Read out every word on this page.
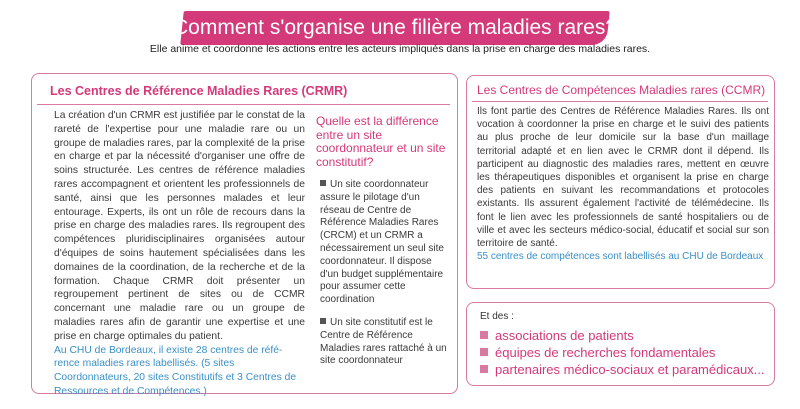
Comment s'organise une filière maladies rares?
Elle anime et coordonne les actions entre les acteurs impliqués dans la prise en charge des maladies rares.
Les Centres de Référence Maladies Rares (CRMR)
La création d'un CRMR est justifiée par le constat de la rareté de l'expertise pour une maladie rare ou un groupe de maladies rares, par la complexité de la prise en charge et par la nécessité d'organiser une offre de soins structurée. Les centres de référence maladies rares accompagnent et orientent les professionnels de santé, ainsi que les personnes malades et leur entourage. Experts, ils ont un rôle de recours dans la prise en charge des maladies rares. Ils regroupent des compétences pluridisciplinaires organisées autour d'équipes de soins hautement spécialisées dans les domaines de la coordination, de la recherche et de la formation. Chaque CRMR doit présenter un regroupement pertinent de sites ou de CCMR concernant une maladie rare ou un groupe de maladies rares afin de garantir une expertise et une prise en charge optimales du patient.
Au CHU de Bordeaux, il existe 28 centres de réfé-rence maladies rares labellisés. (5 sites Coordonnateurs, 20 sites Constitutifs et 3 Centres de Ressources et de Compétences.)
Quelle est la différence entre un site coordonnateur et un site constitutif?
Un site coordonnateur assure le pilotage d'un réseau de Centre de Référence Maladies Rares (CRCM) et un CRMR a nécessairement un seul site coordonnateur. Il dispose d'un budget supplémentaire pour assumer cette coordination
Un site constitutif est le Centre de Référence Maladies rares rattaché à un site coordonnateur
Les Centres de Compétences Maladies rares (CCMR)
Ils font partie des Centres de Référence Maladies Rares. Ils ont vocation à coordonner la prise en charge et le suivi des patients au plus proche de leur domicile sur la base d'un maillage territorial adapté et en lien avec le CRMR dont il dépend. Ils participent au diagnostic des maladies rares, mettent en œuvre les thérapeutiques disponibles et organisent la prise en charge des patients en suivant les recommandations et protocoles existants. Ils assurent également l'activité de télémédecine. Ils font le lien avec les professionnels de santé hospitaliers ou de ville et avec les secteurs médico-social, éducatif et social sur son territoire de santé.
55 centres de compétences sont labellisés au CHU de Bordeaux
Et des :
associations de patients
équipes de recherches fondamentales
partenaires médico-sociaux et paramédicaux...
